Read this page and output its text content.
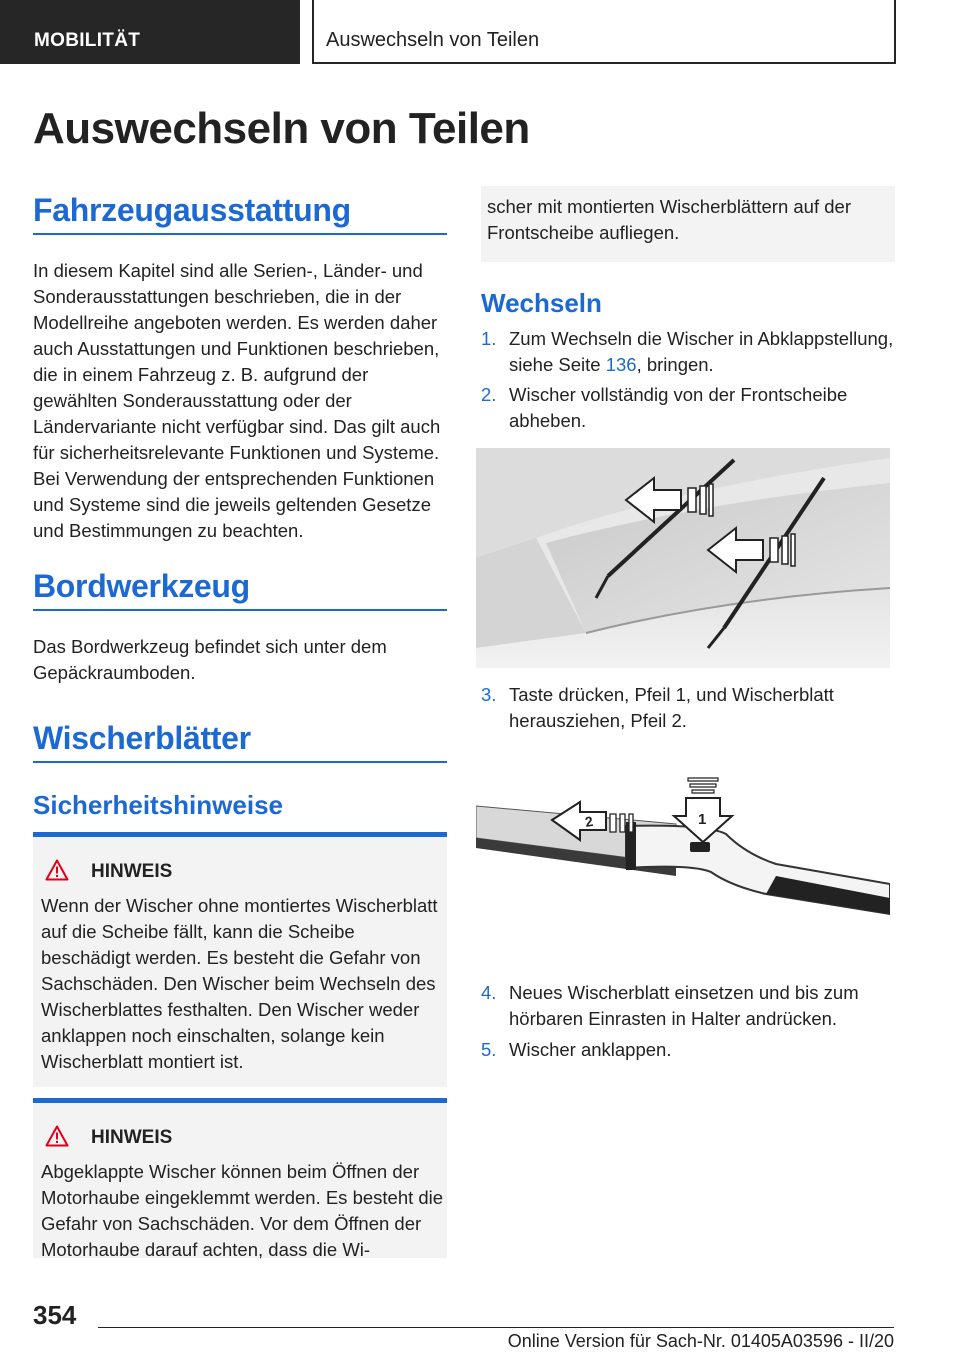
MOBILITÄT	Auswechseln von Teilen
Auswechseln von Teilen
Fahrzeugausstattung

In diesem Kapitel sind alle Serien-, Länder- und Sonderausstattungen beschrieben, die in der Modellreihe angeboten werden. Es werden daher auch Ausstattungen und Funktionen beschrieben, die in einem Fahrzeug z. B. aufgrund der gewählten Sonderausstattung oder der Ländervariante nicht verfügbar sind. Das gilt auch für sicherheitsrelevante Funktionen und Systeme. Bei Verwendung der entsprechenden Funktionen und Systeme sind die jeweils geltenden Gesetze und Bestimmungen zu beachten.

Bordwerkzeug

Das Bordwerkzeug befindet sich unter dem Gepäckraumboden.

Wischerblätter
Sicherheitshinweise
HINWEIS
Wenn der Wischer ohne montiertes Wischerblatt auf die Scheibe fällt, kann die Scheibe beschädigt werden. Es besteht die Gefahr von Sachschäden. Den Wischer beim Wechseln des Wischerblattes festhalten. Den Wischer weder anklappen noch einschalten, solange kein Wischerblatt montiert ist.
HINWEIS
Abgeklappte Wischer können beim Öffnen der Motorhaube eingeklemmt werden. Es besteht die Gefahr von Sachschäden. Vor dem Öffnen der Motorhaube darauf achten, dass die Wi-
scher mit montierten Wischerblättern auf der Frontscheibe aufliegen.
Wechseln
1. Zum Wechseln die Wischer in Abklappstellung, siehe Seite 136, bringen.
2. Wischer vollständig von der Frontscheibe abheben.
3. Taste drücken, Pfeil 1, und Wischerblatt herausziehen, Pfeil 2.
2	1
4. Neues Wischerblatt einsetzen und bis zum hörbaren Einrasten in Halter andrücken.
5. Wischer anklappen.
354
Online Version für Sach-Nr. 01405A03596 - II/20
